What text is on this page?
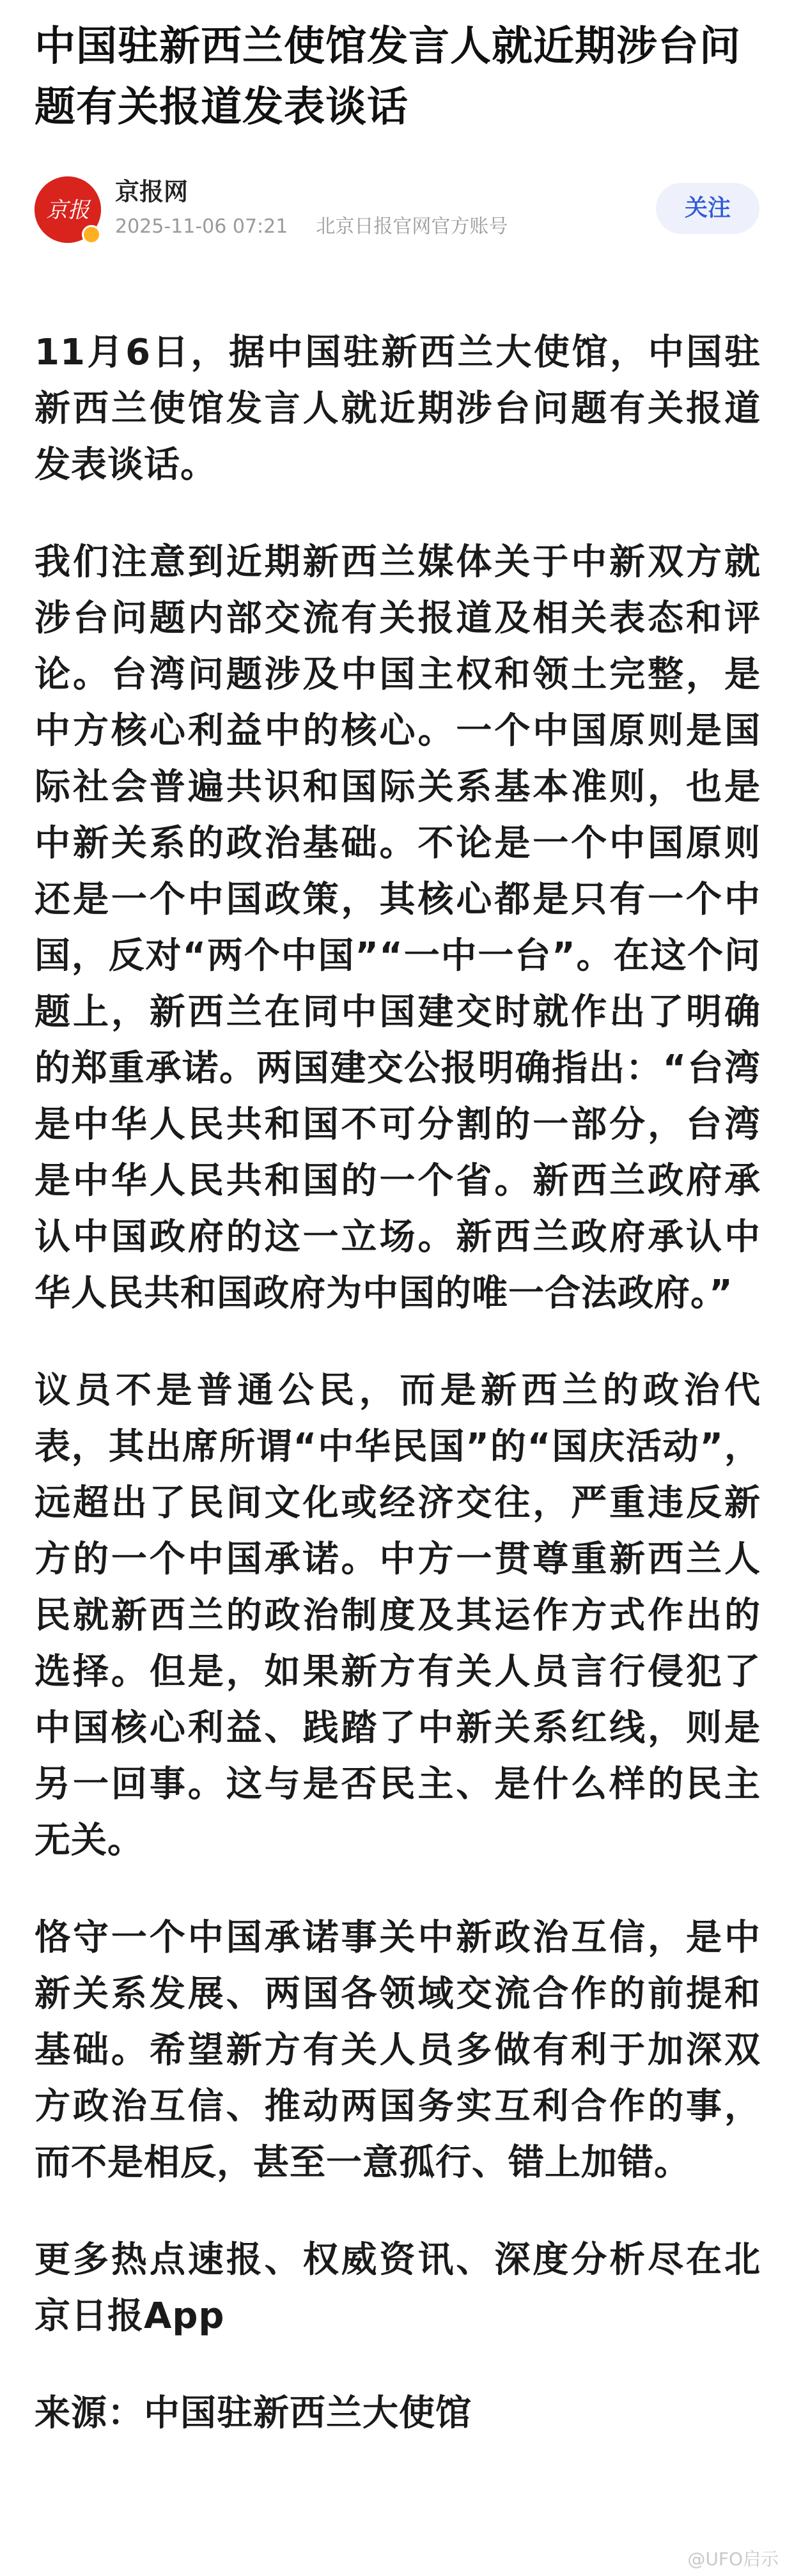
中国驻新西兰使馆发言人就近期涉台问题有关报道发表谈话
京报
京报网
2025-11-06 07:21 北京日报官网官方账号
关注

11月6日，据中国驻新西兰大使馆，中国驻新西兰使馆发言人就近期涉台问题有关报道发表谈话。

我们注意到近期新西兰媒体关于中新双方就涉台问题内部交流有关报道及相关表态和评论。台湾问题涉及中国主权和领土完整，是中方核心利益中的核心。一个中国原则是国际社会普遍共识和国际关系基本准则，也是中新关系的政治基础。不论是一个中国原则还是一个中国政策，其核心都是只有一个中国，反对“两个中国”“一中一台”。在这个问题上，新西兰在同中国建交时就作出了明确的郑重承诺。两国建交公报明确指出：“台湾是中华人民共和国不可分割的一部分，台湾是中华人民共和国的一个省。新西兰政府承认中国政府的这一立场。新西兰政府承认中华人民共和国政府为中国的唯一合法政府。”

议员不是普通公民，而是新西兰的政治代表，其出席所谓“中华民国”的“国庆活动”，远超出了民间文化或经济交往，严重违反新方的一个中国承诺。中方一贯尊重新西兰人民就新西兰的政治制度及其运作方式作出的选择。但是，如果新方有关人员言行侵犯了中国核心利益、践踏了中新关系红线，则是另一回事。这与是否民主、是什么样的民主无关。

恪守一个中国承诺事关中新政治互信，是中新关系发展、两国各领域交流合作的前提和基础。希望新方有关人员多做有利于加深双方政治互信、推动两国务实互利合作的事，而不是相反，甚至一意孤行、错上加错。

更多热点速报、权威资讯、深度分析尽在北京日报App

来源：中国驻新西兰大使馆

@UFO启示
